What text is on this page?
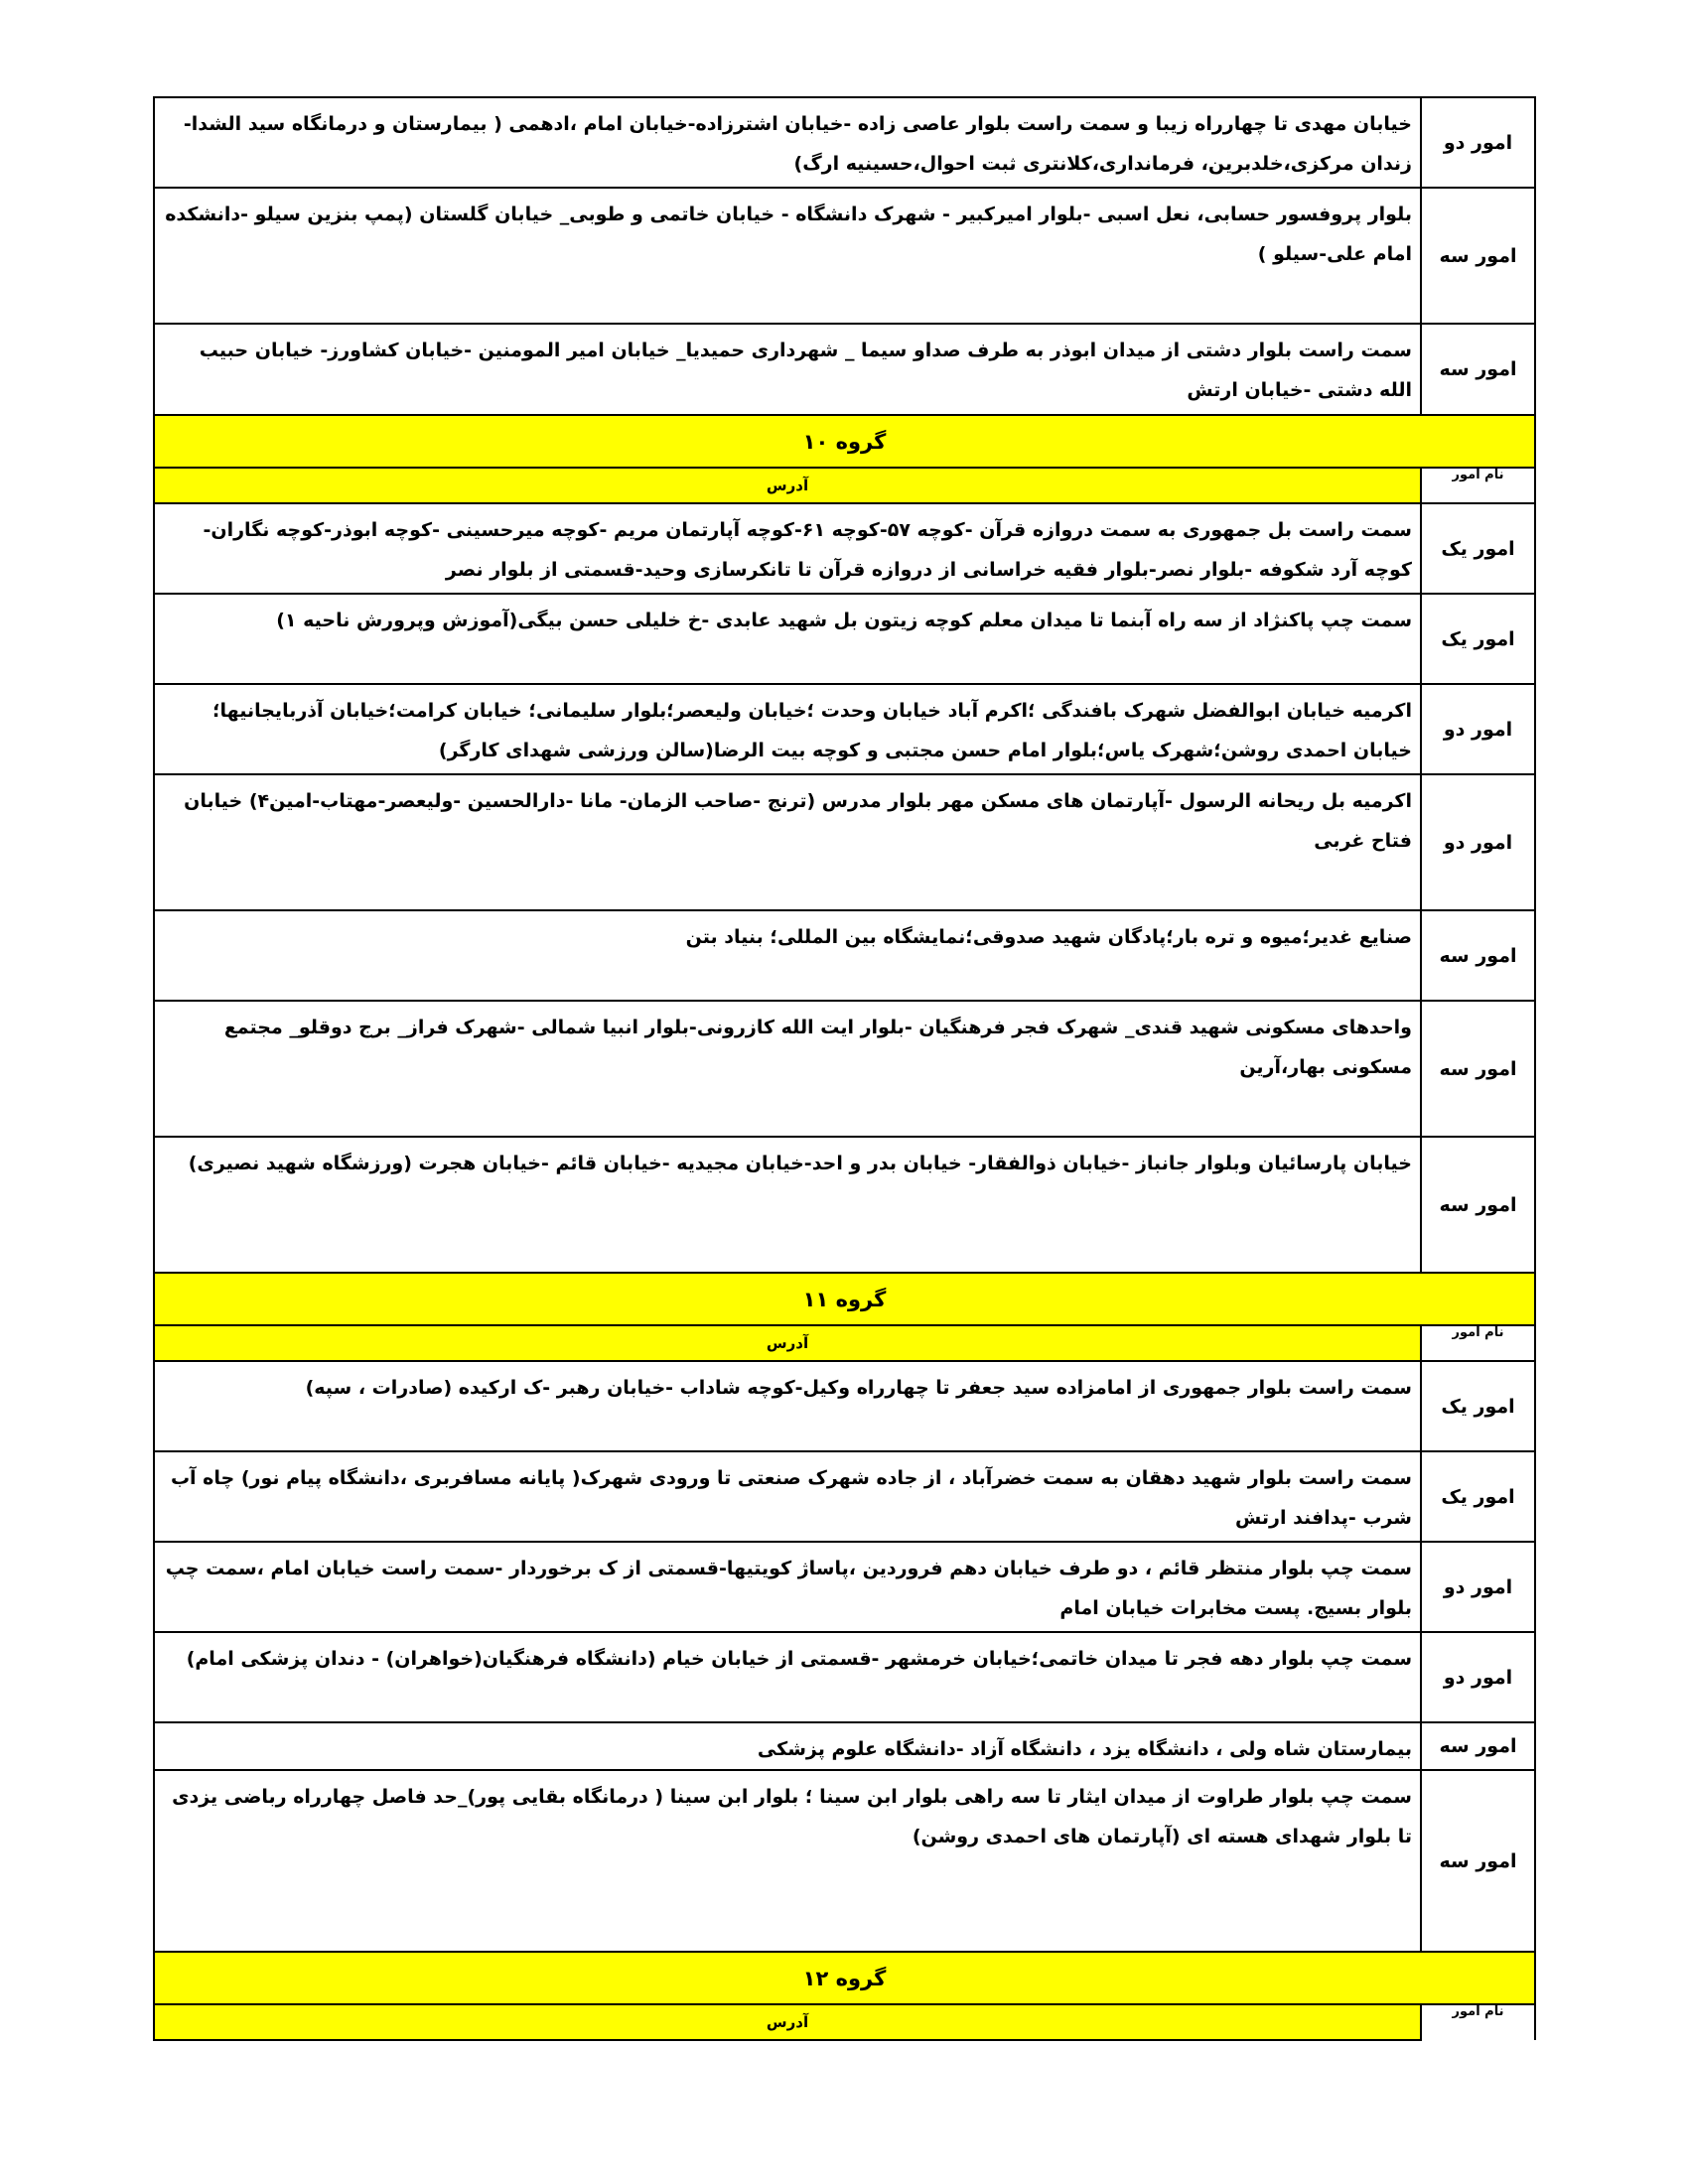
امور دو	خیابان مهدی تا چهارراه زیبا و سمت راست بلوار عاصی زاده -خیابان اشترزاده-خیابان امام ،ادهمی ( بیمارستان و درمانگاه سید الشدا- زندان مرکزی،خلدبرین، فرمانداری،کلانتری ثبت احوال،حسینیه ارگ)
امور سه	بلوار پروفسور حسابی، نعل اسبی -بلوار امیرکبیر - شهرک دانشگاه - خیابان خاتمی و طوبی_ خیابان گلستان (پمپ بنزین سیلو -دانشکده امام علی-سیلو )
امور سه	سمت راست بلوار دشتی از میدان ابوذر به طرف صداو سیما _ شهرداری حمیدیا_ خیابان امیر المومنین -خیابان کشاورز- خیابان حبیب الله دشتی -خیابان ارتش
گروه ۱۰	
نام امور	آدرس
امور یک	سمت راست بل جمهوری به سمت دروازه قرآن -کوچه ۵۷-کوچه ۶۱-کوچه آپارتمان مریم -کوچه میرحسینی -کوچه ابوذر-کوچه نگاران- کوچه آرد شکوفه -بلوار نصر-بلوار فقیه خراسانی از دروازه قرآن تا تانکرسازی وحید-قسمتی از بلوار نصر
امور یک	سمت چپ پاکنژاد از سه راه آبنما تا میدان معلم کوچه زیتون بل شهید عابدی -خ خلیلی حسن بیگی(آموزش وپرورش ناحیه ۱)
امور دو	اکرمیه خیابان ابوالفضل شهرک بافندگی ؛اکرم آباد خیابان وحدت ؛خیابان ولیعصر؛بلوار سلیمانی؛ خیابان کرامت؛خیابان آذربایجانیها؛خیابان احمدی روشن؛شهرک یاس؛بلوار امام حسن مجتبی و کوچه بیت الرضا(سالن ورزشی شهدای کارگر)
امور دو	اکرمیه بل ریحانه الرسول -آپارتمان های مسکن مهر بلوار مدرس (ترنج -صاحب الزمان- مانا -دارالحسین -ولیعصر-مهتاب-امین۴) خیابان فتاح غربی
امور سه	صنایع غدیر؛میوه و تره بار؛پادگان شهید صدوقی؛نمایشگاه بین المللی؛ بنیاد بتن
امور سه	واحدهای مسکونی شهید قندی_ شهرک فجر فرهنگیان -بلوار ایت الله کازرونی-بلوار انبیا شمالی -شهرک فراز_ برج دوقلو_ مجتمع مسکونی بهار،آرین
امور سه	خیابان پارسائیان وبلوار جانباز -خیابان ذوالفقار- خیابان بدر و احد-خیابان مجیدیه -خیابان قائم -خیابان هجرت (ورزشگاه شهید نصیری)
گروه ۱۱	
نام امور	آدرس
امور یک	سمت راست بلوار جمهوری از امامزاده سید جعفر تا چهارراه وکیل-کوچه شاداب -خیابان رهبر -ک ارکیده (صادرات ، سپه)
امور یک	سمت راست بلوار شهید دهقان به سمت خضرآباد ، از جاده شهرک صنعتی تا ورودی شهرک( پایانه مسافربری ،دانشگاه پیام نور) چاه آب شرب -پدافند ارتش
امور دو	سمت چپ بلوار منتظر قائم ، دو طرف خیابان دهم فروردین ،پاساژ کویتیها-قسمتی از ک برخوردار -سمت راست خیابان امام ،سمت چپ بلوار بسیج. پست مخابرات خیابان امام
امور دو	سمت چپ بلوار دهه فجر تا میدان خاتمی؛خیابان خرمشهر -قسمتی از خیابان خیام (دانشگاه فرهنگیان(خواهران) - دندان پزشکی امام)
امور سه	بیمارستان شاه ولی ، دانشگاه یزد ، دانشگاه آزاد -دانشگاه علوم پزشکی
امور سه	سمت چپ بلوار طراوت از میدان ایثار تا سه راهی بلوار ابن سینا ؛ بلوار ابن سینا ( درمانگاه بقایی پور)_حد فاصل چهارراه رباضی یزدی تا بلوار شهدای هسته ای (آپارتمان های احمدی روشن)
گروه ۱۲	
نام امور	آدرس
